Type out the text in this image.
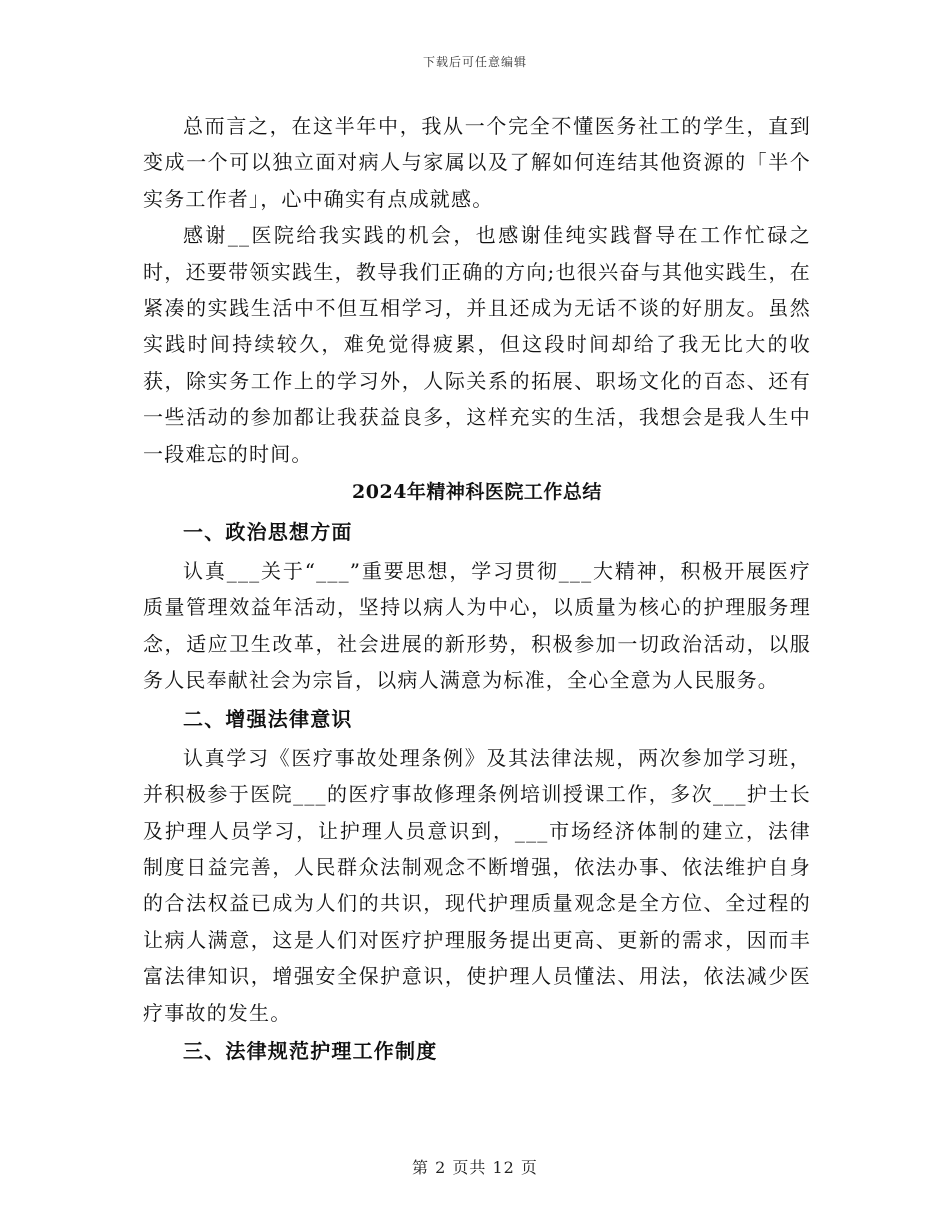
下载后可任意编辑

总而言之，在这半年中，我从一个完全不懂医务社工的学生，直到变成一个可以独立面对病人与家属以及了解如何连结其他资源的「半个实务工作者」，心中确实有点成就感。

感谢__医院给我实践的机会，也感谢佳纯实践督导在工作忙碌之时，还要带领实践生，教导我们正确的方向;也很兴奋与其他实践生，在紧凑的实践生活中不但互相学习，并且还成为无话不谈的好朋友。虽然实践时间持续较久，难免觉得疲累，但这段时间却给了我无比大的收获，除实务工作上的学习外，人际关系的拓展、职场文化的百态、还有一些活动的参加都让我获益良多，这样充实的生活，我想会是我人生中一段难忘的时间。

2024年精神科医院工作总结

一、政治思想方面

认真___关于“___”重要思想，学习贯彻___大精神，积极开展医疗质量管理效益年活动，坚持以病人为中心，以质量为核心的护理服务理念，适应卫生改革，社会进展的新形势，积极参加一切政治活动，以服务人民奉献社会为宗旨，以病人满意为标准，全心全意为人民服务。

二、增强法律意识

认真学习《医疗事故处理条例》及其法律法规，两次参加学习班，并积极参于医院___的医疗事故修理条例培训授课工作，多次___护士长及护理人员学习，让护理人员意识到，___市场经济体制的建立，法律制度日益完善，人民群众法制观念不断增强，依法办事、依法维护自身的合法权益已成为人们的共识，现代护理质量观念是全方位、全过程的让病人满意，这是人们对医疗护理服务提出更高、更新的需求，因而丰富法律知识，增强安全保护意识，使护理人员懂法、用法，依法减少医疗事故的发生。

三、法律规范护理工作制度

第 2 页共 12 页
